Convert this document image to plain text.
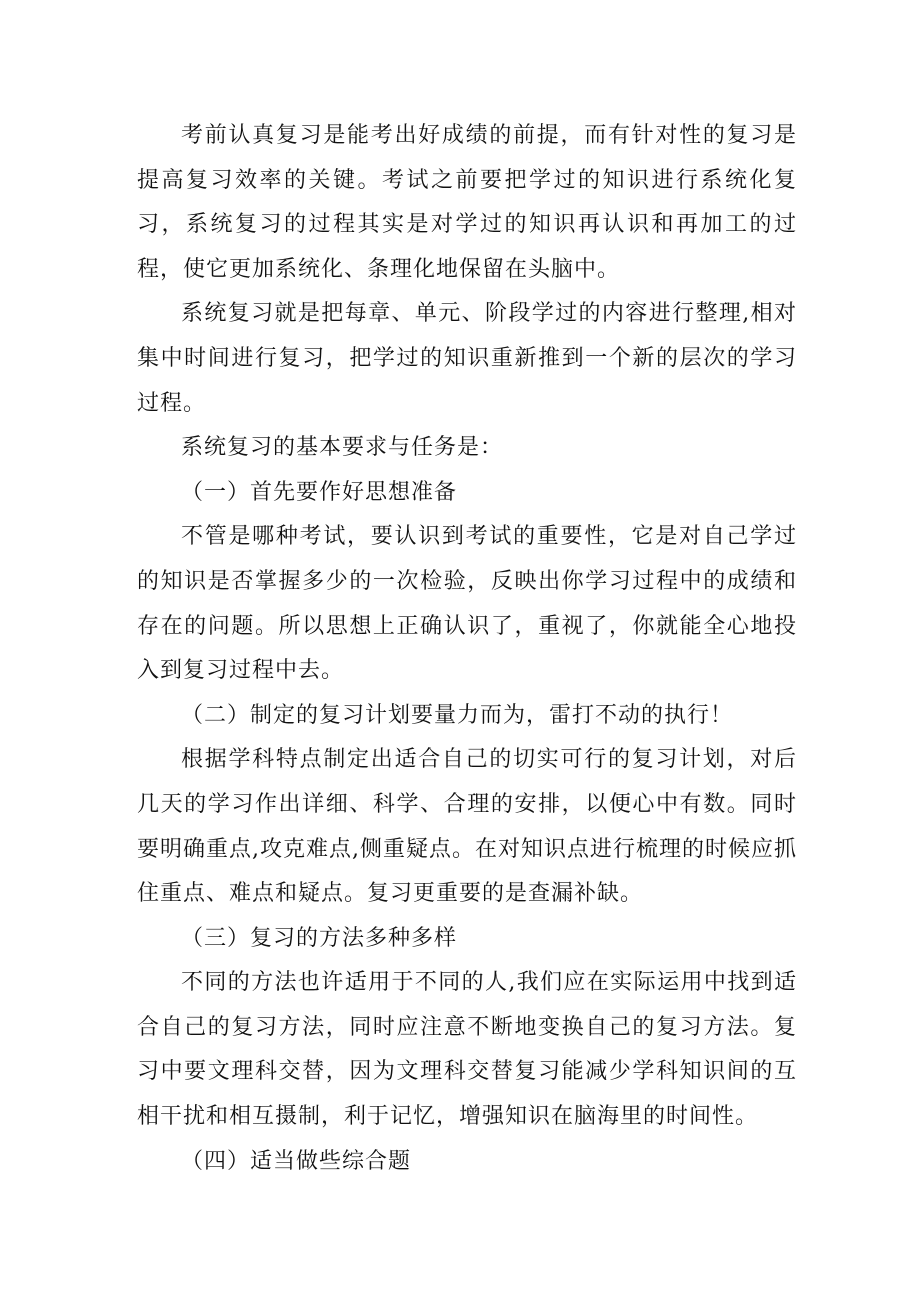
考前认真复习是能考出好成绩的前提，而有针对性的复习是提高复习效率的关键。考试之前要把学过的知识进行系统化复习，系统复习的过程其实是对学过的知识再认识和再加工的过程，使它更加系统化、条理化地保留在头脑中。

系统复习就是把每章、单元、阶段学过的内容进行整理,相对集中时间进行复习，把学过的知识重新推到一个新的层次的学习过程。

系统复习的基本要求与任务是：

（一）首先要作好思想准备

不管是哪种考试，要认识到考试的重要性，它是对自己学过的知识是否掌握多少的一次检验，反映出你学习过程中的成绩和存在的问题。所以思想上正确认识了，重视了，你就能全心地投入到复习过程中去。

（二）制定的复习计划要量力而为，雷打不动的执行！

根据学科特点制定出适合自己的切实可行的复习计划，对后几天的学习作出详细、科学、合理的安排，以便心中有数。同时要明确重点,攻克难点,侧重疑点。在对知识点进行梳理的时候应抓住重点、难点和疑点。复习更重要的是查漏补缺。

（三）复习的方法多种多样

不同的方法也许适用于不同的人,我们应在实际运用中找到适合自己的复习方法，同时应注意不断地变换自己的复习方法。复习中要文理科交替，因为文理科交替复习能减少学科知识间的互相干扰和相互摄制，利于记忆，增强知识在脑海里的时间性。

（四）适当做些综合题
